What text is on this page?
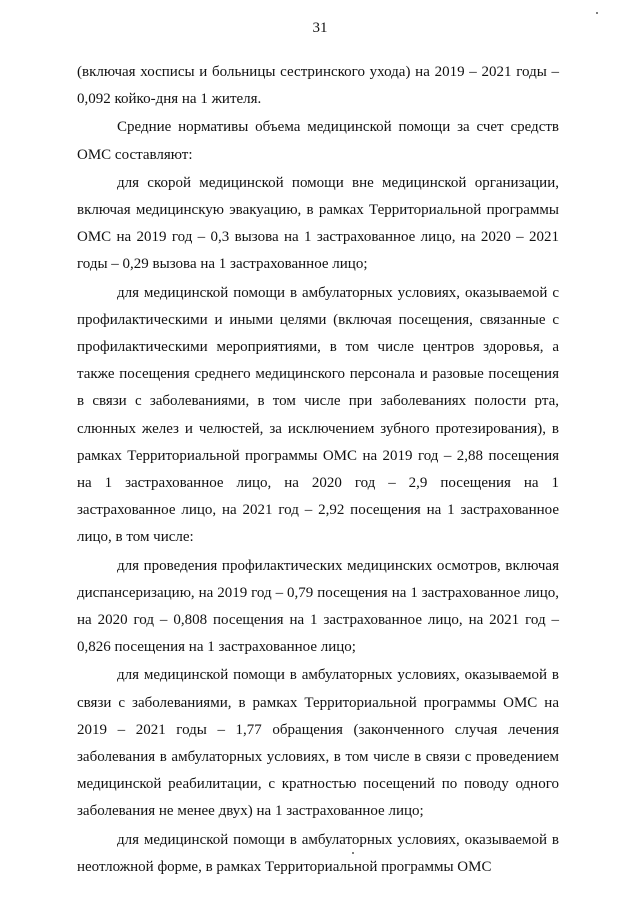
31

(включая хосписы и больницы сестринского ухода) на 2019 – 2021 годы – 0,092 койко-дня на 1 жителя.

Средние нормативы объема медицинской помощи за счет средств ОМС составляют:

для скорой медицинской помощи вне медицинской организации, включая медицинскую эвакуацию, в рамках Территориальной программы ОМС на 2019 год – 0,3 вызова на 1 застрахованное лицо, на 2020 – 2021 годы – 0,29 вызова на 1 застрахованное лицо;

для медицинской помощи в амбулаторных условиях, оказываемой с профилактическими и иными целями (включая посещения, связанные с профилактическими мероприятиями, в том числе центров здоровья, а также посещения среднего медицинского персонала и разовые посещения в связи с заболеваниями, в том числе при заболеваниях полости рта, слюнных желез и челюстей, за исключением зубного протезирования), в рамках Территориальной программы ОМС на 2019 год – 2,88 посещения на 1 застрахованное лицо, на 2020 год – 2,9 посещения на 1 застрахованное лицо, на 2021 год – 2,92 посещения на 1 застрахованное лицо, в том числе:

для проведения профилактических медицинских осмотров, включая диспансеризацию, на 2019 год – 0,79 посещения на 1 застрахованное лицо, на 2020 год – 0,808 посещения на 1 застрахованное лицо, на 2021 год – 0,826 посещения на 1 застрахованное лицо;

для медицинской помощи в амбулаторных условиях, оказываемой в связи с заболеваниями, в рамках Территориальной программы ОМС на 2019 – 2021 годы – 1,77 обращения (законченного случая лечения заболевания в амбулаторных условиях, в том числе в связи с проведением медицинской реабилитации, с кратностью посещений по поводу одного заболевания не менее двух) на 1 застрахованное лицо;

для медицинской помощи в амбулаторных условиях, оказываемой в неотложной форме, в рамках Территориальной программы ОМС
